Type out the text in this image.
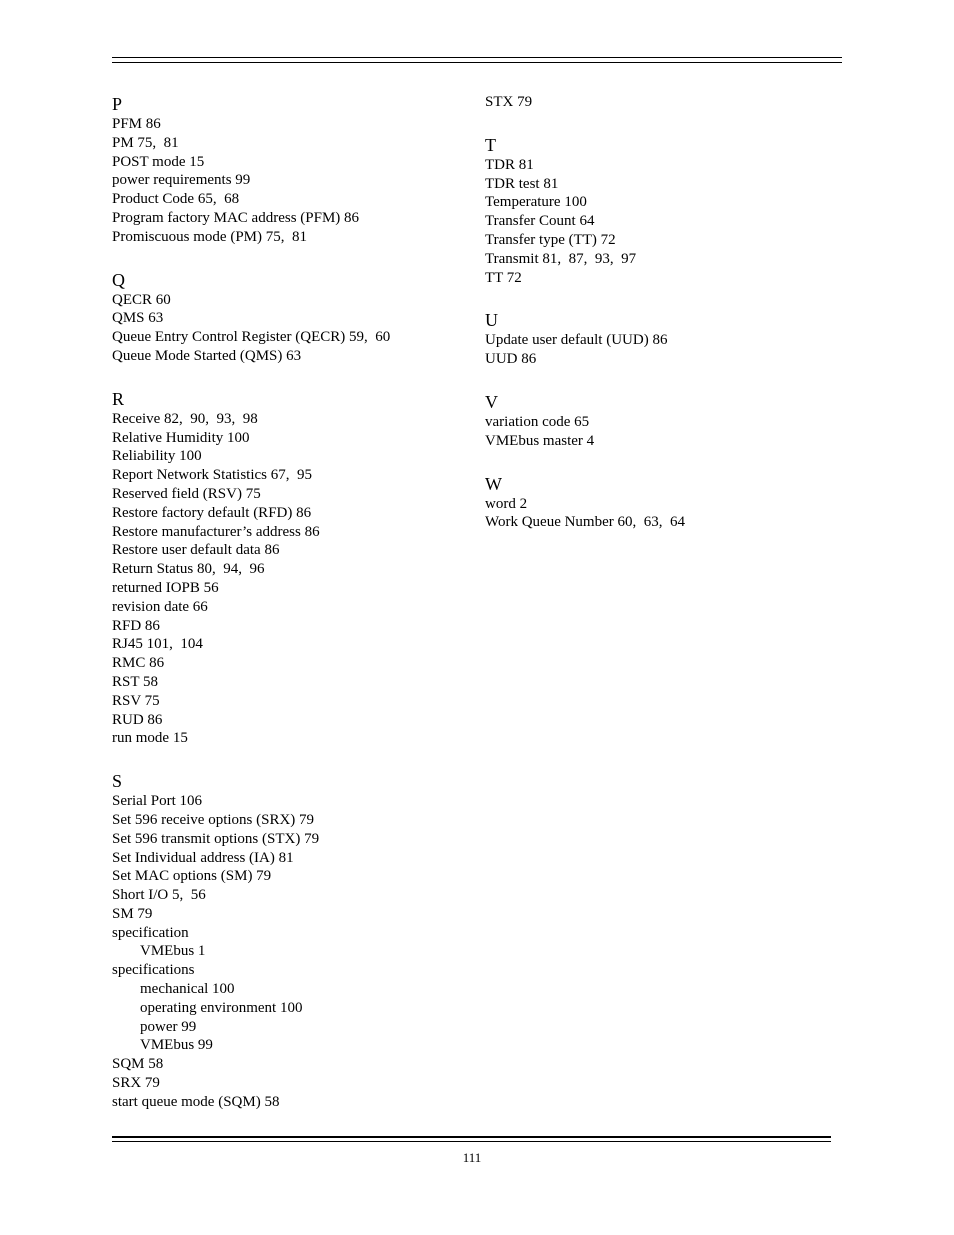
P
PFM 86
PM 75,  81
POST mode 15
power requirements 99
Product Code 65,  68
Program factory MAC address (PFM) 86
Promiscuous mode (PM) 75,  81
Q
QECR 60
QMS 63
Queue Entry Control Register (QECR) 59,  60
Queue Mode Started (QMS) 63
R
Receive 82,  90,  93,  98
Relative Humidity 100
Reliability 100
Report Network Statistics 67,  95
Reserved field (RSV) 75
Restore factory default (RFD) 86
Restore manufacturer’s address 86
Restore user default data 86
Return Status 80,  94,  96
returned IOPB 56
revision date 66
RFD 86
RJ45 101,  104
RMC 86
RST 58
RSV 75
RUD 86
run mode 15
S
Serial Port 106
Set 596 receive options (SRX) 79
Set 596 transmit options (STX) 79
Set Individual address (IA) 81
Set MAC options (SM) 79
Short I/O 5,  56
SM 79
specification
VMEbus 1
specifications
mechanical 100
operating environment 100
power 99
VMEbus 99
SQM 58
SRX 79
start queue mode (SQM) 58
STX 79
T
TDR 81
TDR test 81
Temperature 100
Transfer Count 64
Transfer type (TT) 72
Transmit 81,  87,  93,  97
TT 72
U
Update user default (UUD) 86
UUD 86
V
variation code 65
VMEbus master 4
W
word 2
Work Queue Number 60,  63,  64
111
